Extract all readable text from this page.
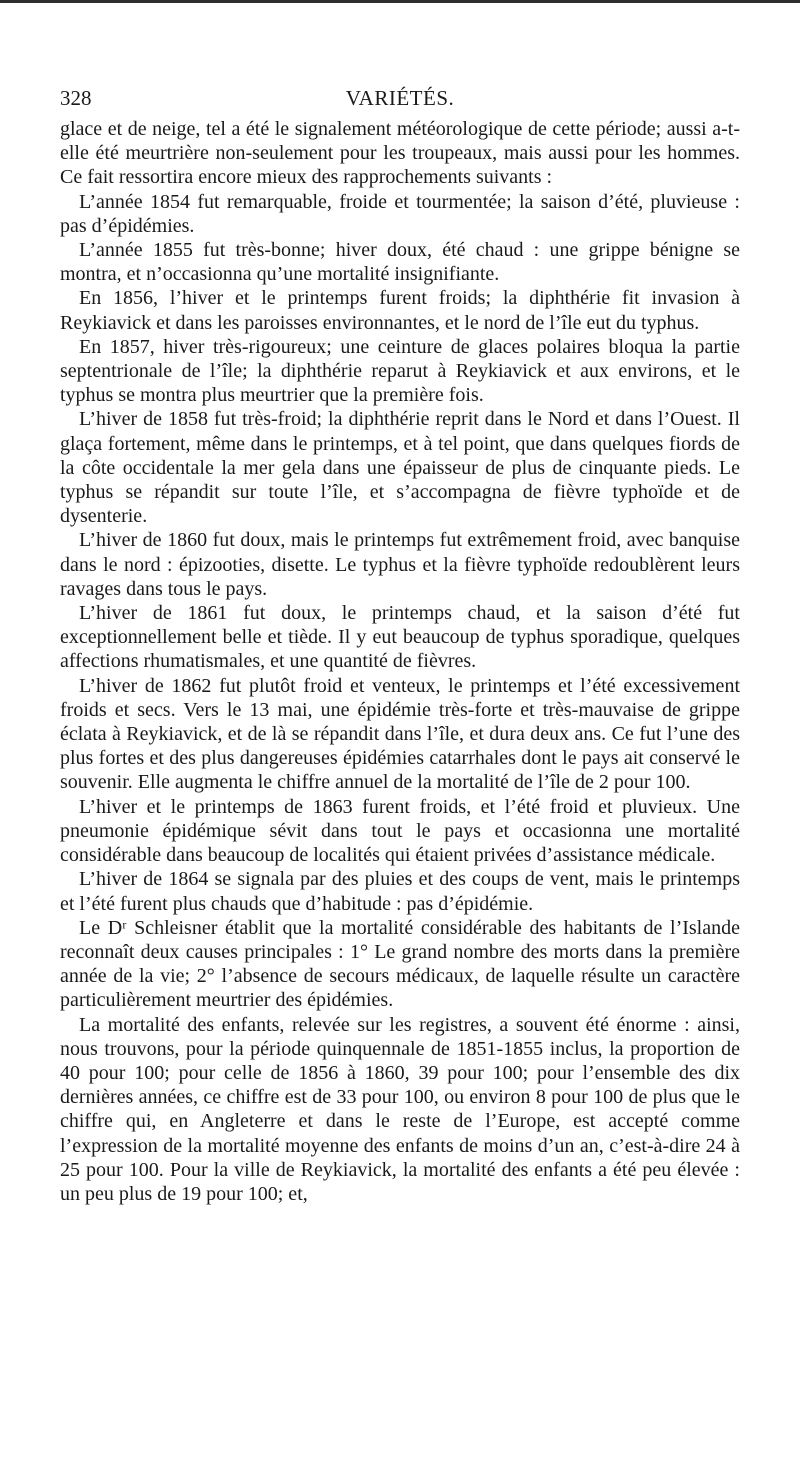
328	VARIÉTÉS.

glace et de neige, tel a été le signalement météorologique de cette période; aussi a-t-elle été meurtrière non-seulement pour les troupeaux, mais aussi pour les hommes. Ce fait ressortira encore mieux des rapprochements suivants :

L’année 1854 fut remarquable, froide et tourmentée; la saison d’été, pluvieuse : pas d’épidémies.

L’année 1855 fut très-bonne; hiver doux, été chaud : une grippe bénigne se montra, et n’occasionna qu’une mortalité insignifiante.

En 1856, l’hiver et le printemps furent froids; la diphthérie fit invasion à Reykiavick et dans les paroisses environnantes, et le nord de l’île eut du typhus.

En 1857, hiver très-rigoureux; une ceinture de glaces polaires bloqua la partie septentrionale de l’île; la diphthérie reparut à Reykiavick et aux environs, et le typhus se montra plus meurtrier que la première fois.

L’hiver de 1858 fut très-froid; la diphthérie reprit dans le Nord et dans l’Ouest. Il glaça fortement, même dans le printemps, et à tel point, que dans quelques fiords de la côte occidentale la mer gela dans une épaisseur de plus de cinquante pieds. Le typhus se répandit sur toute l’île, et s’accompagna de fièvre typhoïde et de dysenterie.

L’hiver de 1860 fut doux, mais le printemps fut extrêmement froid, avec banquise dans le nord : épizooties, disette. Le typhus et la fièvre typhoïde redoublèrent leurs ravages dans tous le pays.

L’hiver de 1861 fut doux, le printemps chaud, et la saison d’été fut exceptionnellement belle et tiède. Il y eut beaucoup de typhus sporadique, quelques affections rhumatismales, et une quantité de fièvres.

L’hiver de 1862 fut plutôt froid et venteux, le printemps et l’été excessivement froids et secs. Vers le 13 mai, une épidémie très-forte et très-mauvaise de grippe éclata à Reykiavick, et de là se répandit dans l’île, et dura deux ans. Ce fut l’une des plus fortes et des plus dangereuses épidémies catarrhales dont le pays ait conservé le souvenir. Elle augmenta le chiffre annuel de la mortalité de l’île de 2 pour 100.

L’hiver et le printemps de 1863 furent froids, et l’été froid et pluvieux. Une pneumonie épidémique sévit dans tout le pays et occasionna une mortalité considérable dans beaucoup de localités qui étaient privées d’assistance médicale.

L’hiver de 1864 se signala par des pluies et des coups de vent, mais le printemps et l’été furent plus chauds que d’habitude : pas d’épidémie.

Le Dʳ Schleisner établit que la mortalité considérable des habitants de l’Islande reconnaît deux causes principales : 1° Le grand nombre des morts dans la première année de la vie; 2° l’absence de secours médicaux, de laquelle résulte un caractère particulièrement meurtrier des épidémies.

La mortalité des enfants, relevée sur les registres, a souvent été énorme : ainsi, nous trouvons, pour la période quinquennale de 1851-1855 inclus, la proportion de 40 pour 100; pour celle de 1856 à 1860, 39 pour 100; pour l’ensemble des dix dernières années, ce chiffre est de 33 pour 100, ou environ 8 pour 100 de plus que le chiffre qui, en Angleterre et dans le reste de l’Europe, est accepté comme l’expression de la mortalité moyenne des enfants de moins d’un an, c’est-à-dire 24 à 25 pour 100. Pour la ville de Reykiavick, la mortalité des enfants a été peu élevée : un peu plus de 19 pour 100; et,
